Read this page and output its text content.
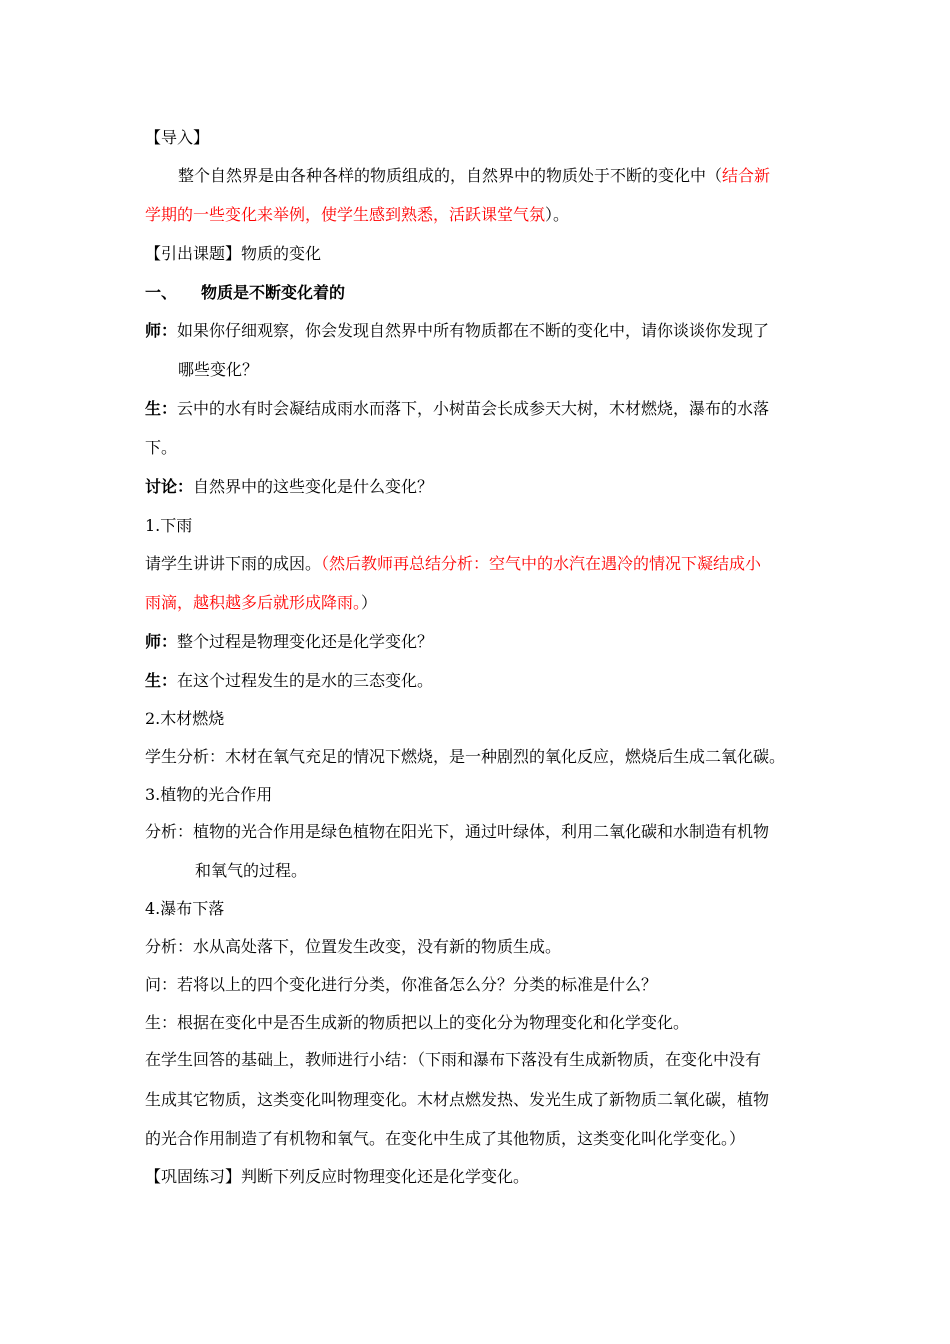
【导入】
整个自然界是由各种各样的物质组成的，自然界中的物质处于不断的变化中（结合新
学期的一些变化来举例，使学生感到熟悉，活跃课堂气氛）。
【引出课题】物质的变化
一、 物质是不断变化着的
师：如果你仔细观察，你会发现自然界中所有物质都在不断的变化中，请你谈谈你发现了
哪些变化？
生：云中的水有时会凝结成雨水而落下，小树苗会长成参天大树，木材燃烧，瀑布的水落
下。
讨论：自然界中的这些变化是什么变化？
1.下雨
请学生讲讲下雨的成因。（然后教师再总结分析：空气中的水汽在遇冷的情况下凝结成小
雨滴，越积越多后就形成降雨。）
师：整个过程是物理变化还是化学变化？
生：在这个过程发生的是水的三态变化。
2.木材燃烧
学生分析：木材在氧气充足的情况下燃烧，是一种剧烈的氧化反应，燃烧后生成二氧化碳。
3.植物的光合作用
分析：植物的光合作用是绿色植物在阳光下，通过叶绿体，利用二氧化碳和水制造有机物
和氧气的过程。
4.瀑布下落
分析：水从高处落下，位置发生改变，没有新的物质生成。
问：若将以上的四个变化进行分类，你准备怎么分？分类的标准是什么？
生：根据在变化中是否生成新的物质把以上的变化分为物理变化和化学变化。
在学生回答的基础上，教师进行小结：（下雨和瀑布下落没有生成新物质，在变化中没有
生成其它物质，这类变化叫物理变化。木材点燃发热、发光生成了新物质二氧化碳，植物
的光合作用制造了有机物和氧气。在变化中生成了其他物质，这类变化叫化学变化。）
【巩固练习】判断下列反应时物理变化还是化学变化。
